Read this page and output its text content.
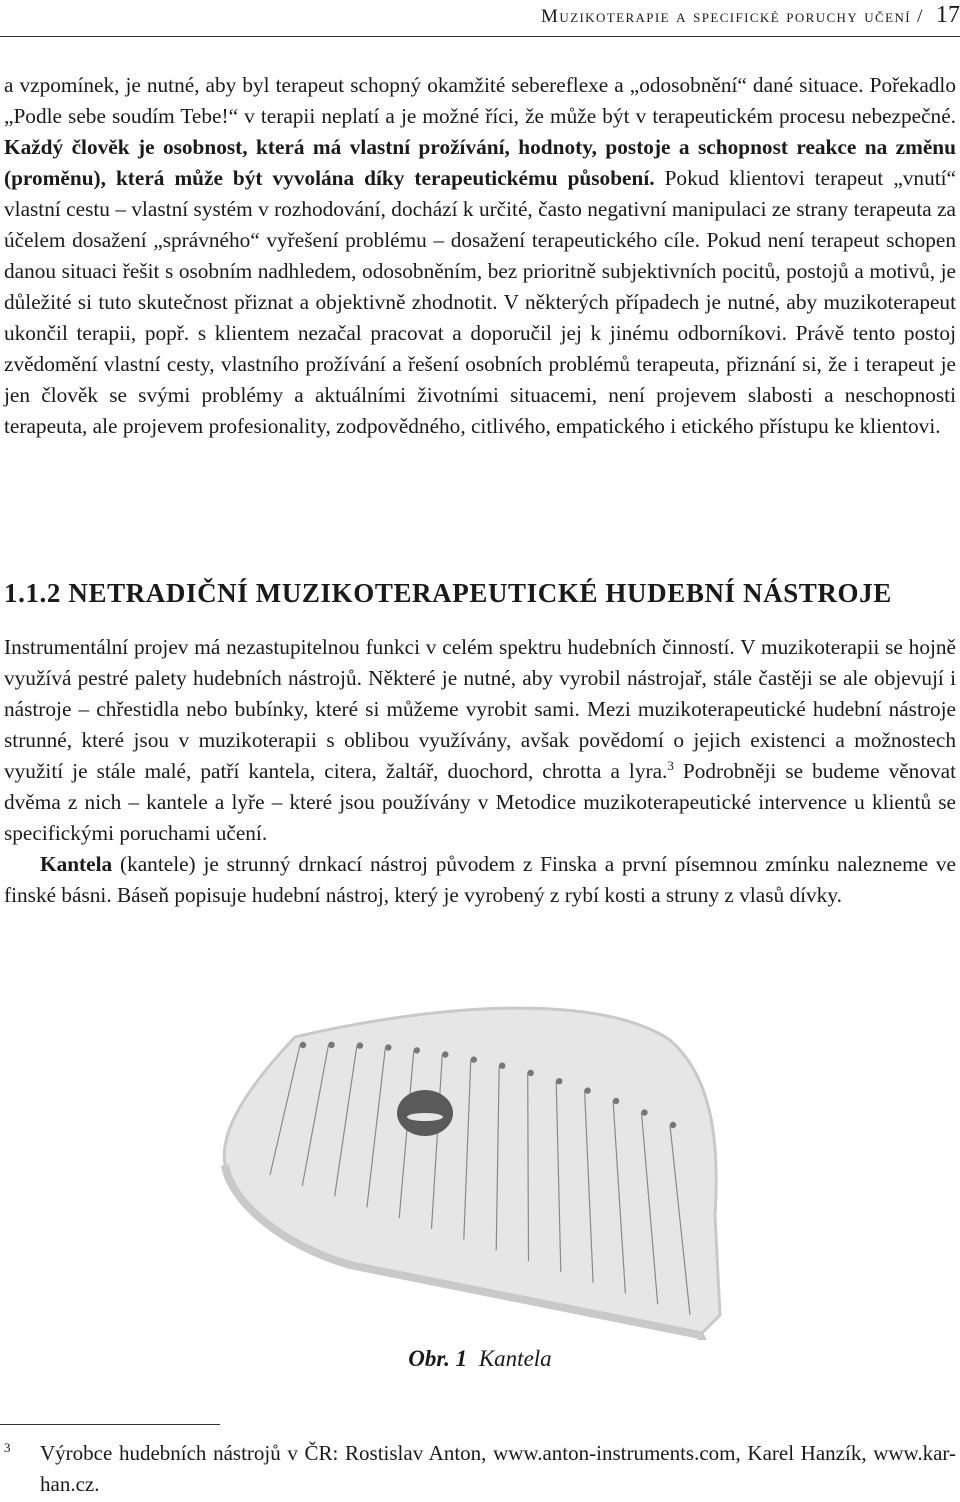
Muzikoterapie a specifické poruchy učení / 17

a vzpomínek, je nutné, aby byl terapeut schopný okamžité sebereflexe a „odosobnění“ dané situace. Pořekadlo „Podle sebe soudím Tebe!“ v terapii neplatí a je možné říci, že může být v terapeutickém procesu nebezpečné. Každý člověk je osobnost, která má vlastní prožívání, hodnoty, postoje a schopnost reakce na změnu (proměnu), která může být vyvolána díky terapeutickému působení. Pokud klientovi terapeut „vnutí“ vlastní cestu – vlastní systém v rozhodování, dochází k určité, často negativní manipulaci ze strany terapeuta za účelem dosažení „správného“ vyřešení problému – dosažení terapeutického cíle. Pokud není terapeut schopen danou situaci řešit s osobním nadhledem, odosobněním, bez prioritně subjektivních pocitů, postojů a motivů, je důležité si tuto skutečnost přiznat a objektivně zhodnotit. V některých případech je nutné, aby muzikoterapeut ukončil terapii, popř. s klientem nezačal pracovat a doporučil jej k jinému odborníkovi. Právě tento postoj zvědomění vlastní cesty, vlastního prožívání a řešení osobních problémů terapeuta, přiznání si, že i terapeut je jen člověk se svými problémy a aktuálními životními situacemi, není projevem slabosti a neschopnosti terapeuta, ale projevem profesionality, zodpovědného, citlivého, empatického i etického přístupu ke klientovi.

1.1.2 NETRADIČNÍ MUZIKOTERAPEUTICKÉ HUDEBNÍ NÁSTROJE

Instrumentální projev má nezastupitelnou funkci v celém spektru hudebních činností. V muzikoterapii se hojně využívá pestré palety hudebních nástrojů. Některé je nutné, aby vyrobil nástrojař, stále častěji se ale objevují i nástroje – chřestidla nebo bubínky, které si můžeme vyrobit sami. Mezi muzikoterapeutické hudební nástroje strunné, které jsou v muzikoterapii s oblibou využívány, avšak povědomí o jejich existenci a možnostech využití je stále malé, patří kantela, citera, žaltář, duochord, chrotta a lyra.$^3$ Podrobněji se budeme věnovat dvěma z nich – kantele a lyře – které jsou používány v Metodice muzikoterapeutické intervence u klientů se specifickými poruchami učení.

Kantela (kantele) je strunný drnkací nástroj původem z Finska a první písemnou zmínku nalezneme ve finské básni. Báseň popisuje hudební nástroj, který je vyrobený z rybí kosti a struny z vlasů dívky.

Obr. 1 Kantela
3 Výrobce hudebních nástrojů v ČR: Rostislav Anton, www.anton-instruments.com, Karel Hanzík, www.kar-han.cz.
